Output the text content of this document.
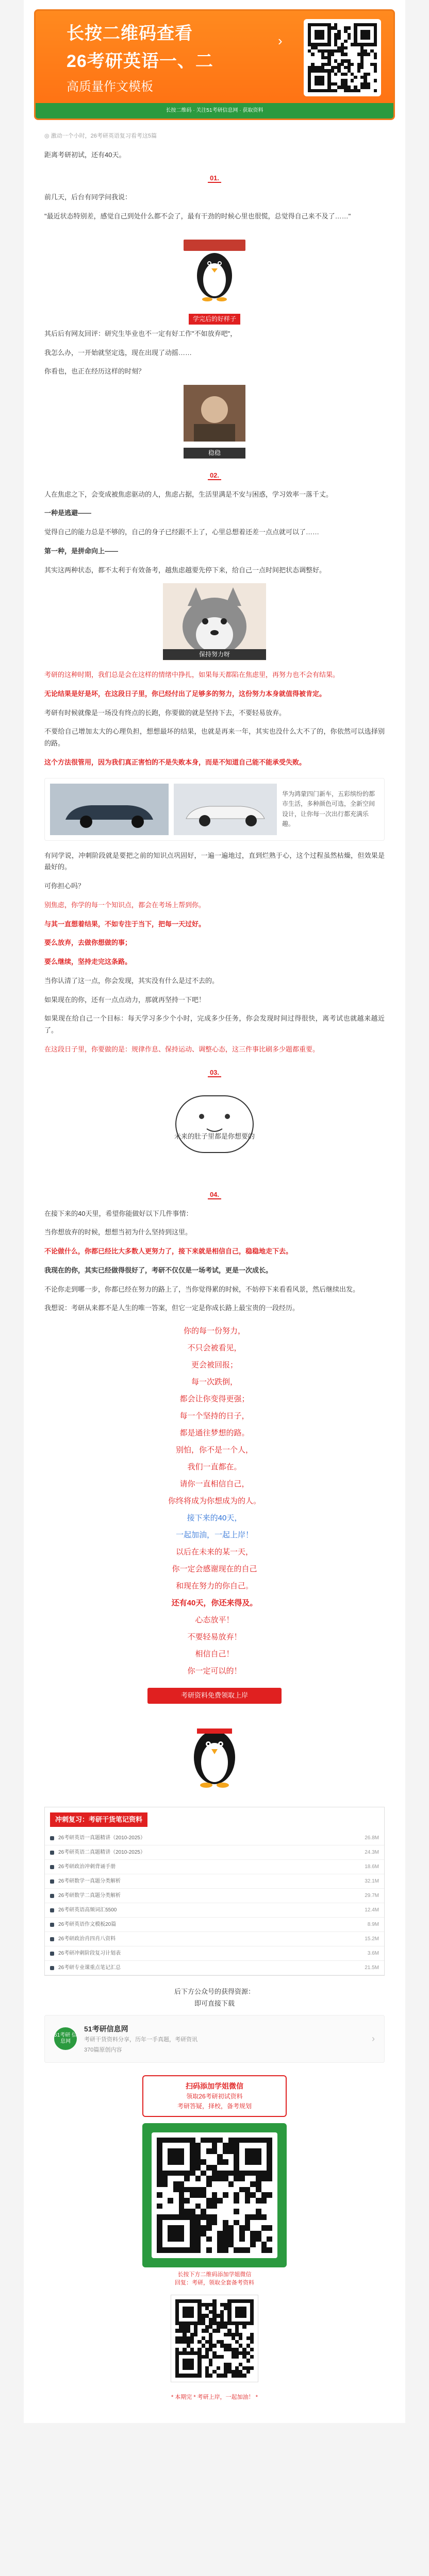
长按二维码查看	›
26考研英语一、二
高质量作文模板
长按二维码 · 关注51考研信息网 · 获取资料
◎ 激动一个小时，26考研英语复习看考这5篇

距离考研初试，还有40天。

01.

前几天，后台有同学问我说：

"最近状态特别差，感觉自己到处什么都不会了，最有干劲的时候心里也很慌，总觉得自己来不及了……"

学完后的好样子

其后后有网友回评：研究生毕业也不一定有好工作"不如放弃吧"，

我怎么办，一开始就坚定选，现在出现了动摇……

你看也，也正在经历这样的时刻？

稳稳
02.

人在焦虑之下，会变成被焦虑驱动的人，焦虑占据，生活里满是不安与困惑，学习效率一落千丈。

一种是逃避——

觉得自己的能力总是不够的，自己的身子已经跟不上了，心里总想着还差一点点就可以了……

第一种，是拼命向上——

其实这两种状态，都不太利于有效备考，越焦虑越要先停下来，给自己一点时间把状态调整好。

保持努力呀

考研的这种时期，我们总是会在这样的情绪中挣扎，如果每天都陷在焦虑里，再努力也不会有结果。

无论结果是好是坏，在这段日子里，你已经付出了足够多的努力，这份努力本身就值得被肯定。

考研有时候就像是一场没有终点的长跑，你要做的就是坚持下去，不要轻易放弃。

不要给自己增加太大的心理负担，想想最坏的结果，也就是再来一年，其实也没什么大不了的，你依然可以选择别的路。

这个方法很管用，因为我们真正害怕的不是失败本身，而是不知道自己能不能承受失败。

华为鸿蒙四门新车，五彩缤纷的都市生活，多种颜色可选，全新空间设计，让你每一次出行都充满乐趣。

有同学说，冲刺阶段就是要把之前的知识点巩固好，一遍一遍地过，直到烂熟于心，这个过程虽然枯燥，但效果是最好的。

可你担心吗？

别焦虑，你学的每一个知识点，都会在考场上帮到你。

与其一直想着结果，不如专注于当下，把每一天过好。

要么放弃，去做你想做的事；

要么继续，坚持走完这条路。

当你认清了这一点，你会发现，其实没有什么是过不去的。

如果现在的你，还有一点点动力，那就再坚持一下吧！

如果现在给自己一个目标：每天学习多少个小时，完成多少任务，你会发现时间过得很快，离考试也就越来越近了。

在这段日子里，你要做的是：规律作息、保持运动、调整心态，这三件事比刷多少题都重要。

03.
未来的肚子里都是你想要的
04.

在接下来的40天里，希望你能做好以下几件事情：

当你想放弃的时候，想想当初为什么坚持到这里。

不论做什么，你都已经比大多数人更努力了，接下来就是相信自己，稳稳地走下去。

我现在的你，其实已经做得很好了，考研不仅仅是一场考试，更是一次成长。

不论你走到哪一步，你都已经在努力的路上了，当你觉得累的时候，不妨停下来看看风景，然后继续出发。

我想说：考研从来都不是人生的唯一答案，但它一定是你成长路上最宝贵的一段经历。

你的每一份努力，
不只会被看见，
更会被回报；
每一次跌倒，
都会让你变得更强；
每一个坚持的日子，
都是通往梦想的路。
别怕，你不是一个人，
我们一直都在。
请你一直相信自己，
你终将成为你想成为的人。
接下来的40天，
一起加油，一起上岸！
以后在未来的某一天，
你一定会感谢现在的自己
和现在努力的你自己。
还有40天，你还来得及。
心态放平！
不要轻易放弃！
相信自己！
你一定可以的！
考研资料免费领取上岸
冲刺复习：考研干货笔记资料
26考研英语一真题精讲（2010-2025）	26.8M
26考研英语二真题精讲（2010-2025）	24.3M
26考研政治冲刺背诵手册	18.6M
26考研数学一真题分类解析	32.1M
26考研数学二真题分类解析	29.7M
26考研英语高频词汇5500	12.4M
26考研英语作文模板20篇	8.9M
26考研政治肖四肖八资料	15.2M
26考研冲刺阶段复习计划表	3.6M
26考研专业课重点笔记汇总	21.5M
后下方公众号的获得资源：
即可直接下载
51考研 信息网
51考研信息网
考研干货资料分享，历年一手真题，考研资讯
370篇原创内容
›
扫码添加学姐微信
领取26考研初试资料
考研答疑，择校，备考规划
长按下方二维码添加学姐微信
回复：考研，领取全套备考资料
* 本期完 * 考研上岸，一起加油！ *
